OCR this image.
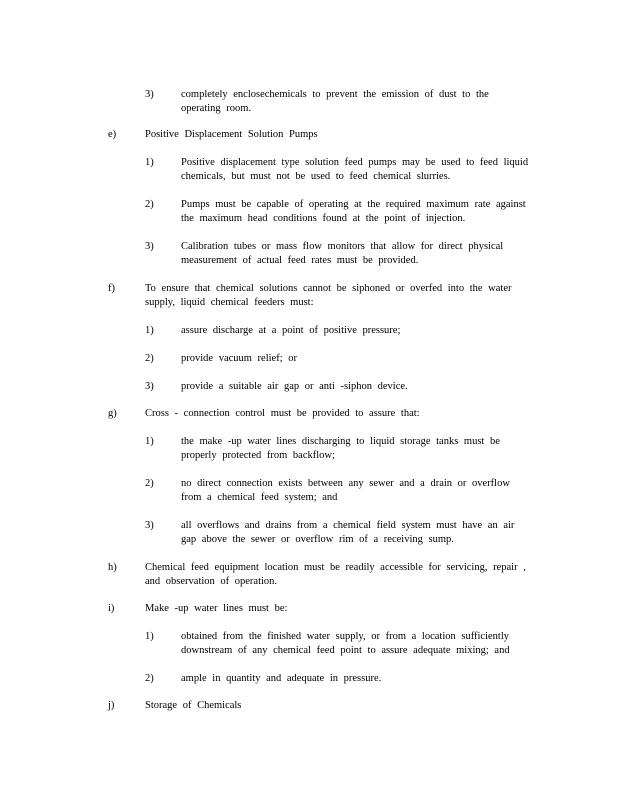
3)	completely enclosechemicals to prevent the emission of dust to the
operating room.
e)	Positive Displacement Solution Pumps
1)	Positive displacement type solution feed pumps may be used to feed liquid
chemicals, but must not be used to feed chemical slurries.
2)	Pumps must be capable of operating at the required maximum rate against
the maximum head conditions found at the point of injection.
3)	Calibration tubes or mass flow monitors that allow for direct physical
measurement of actual feed rates must be provided.
f)	To ensure that chemical solutions cannot be siphoned or overfed into the water
supply, liquid chemical feeders must:
1)	assure discharge at a point of positive pressure;
2)	provide vacuum relief; or
3)	provide a suitable air gap or anti -siphon device.
g)	Cross - connection control must be provided to assure that:
1)	the make -up water lines discharging to liquid storage tanks must be
properly protected from backflow;
2)	no direct connection exists between any sewer and a drain or overflow
from a chemical feed system; and
3)	all overflows and drains from a chemical field system must have an air
gap above the sewer or overflow rim of a receiving sump.
h)	Chemical feed equipment location must be readily accessible for servicing, repair ,
and observation of operation.
i)	Make -up water lines must be:
1)	obtained from the finished water supply, or from a location sufficiently
downstream of any chemical feed point to assure adequate mixing; and
2)	ample in quantity and adequate in pressure.
j)	Storage of Chemicals
